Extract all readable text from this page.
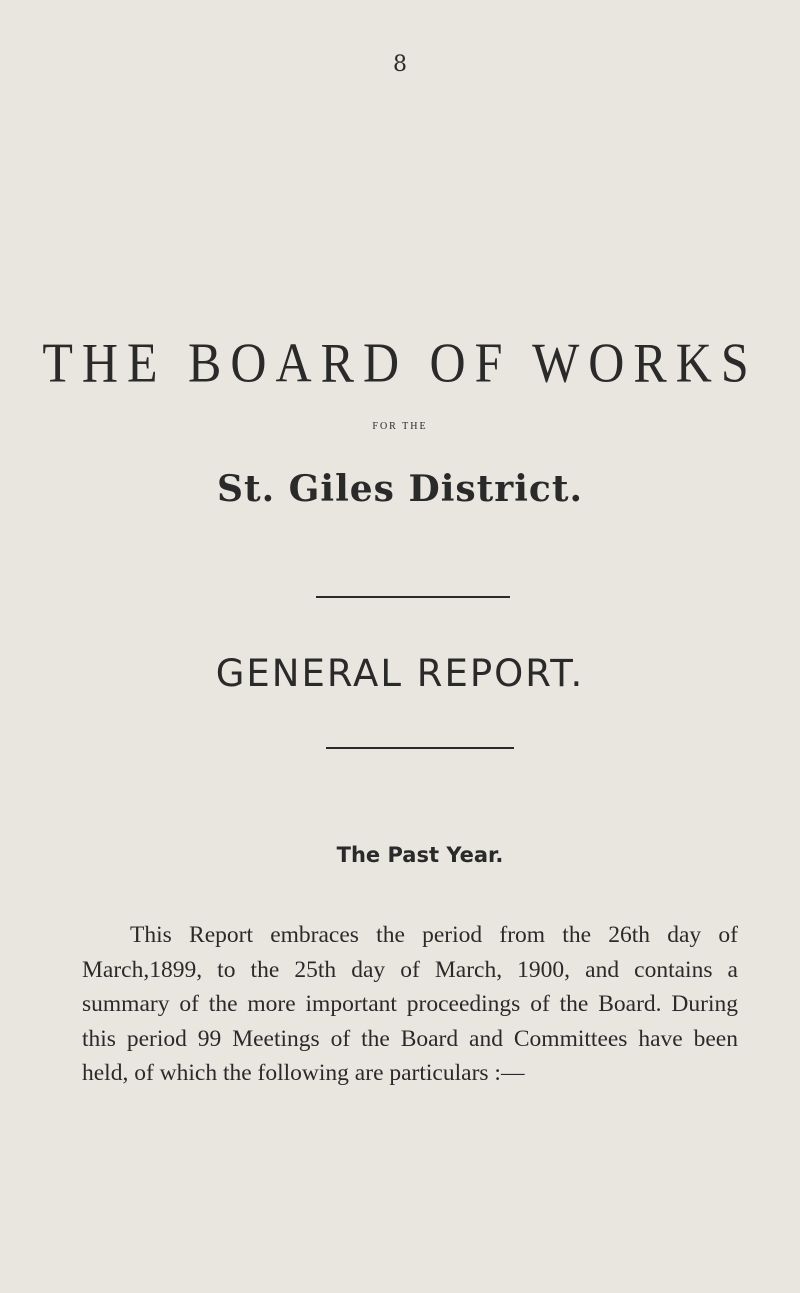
8
THE BOARD OF WORKS
FOR THE
St. Giles District.
GENERAL REPORT.
The Past Year.

This Report embraces the period from the 26th day of March,1899, to the 25th day of March, 1900, and contains a summary of the more important proceedings of the Board. During this period 99 Meetings of the Board and Committees have been held, of which the following are particulars :—
